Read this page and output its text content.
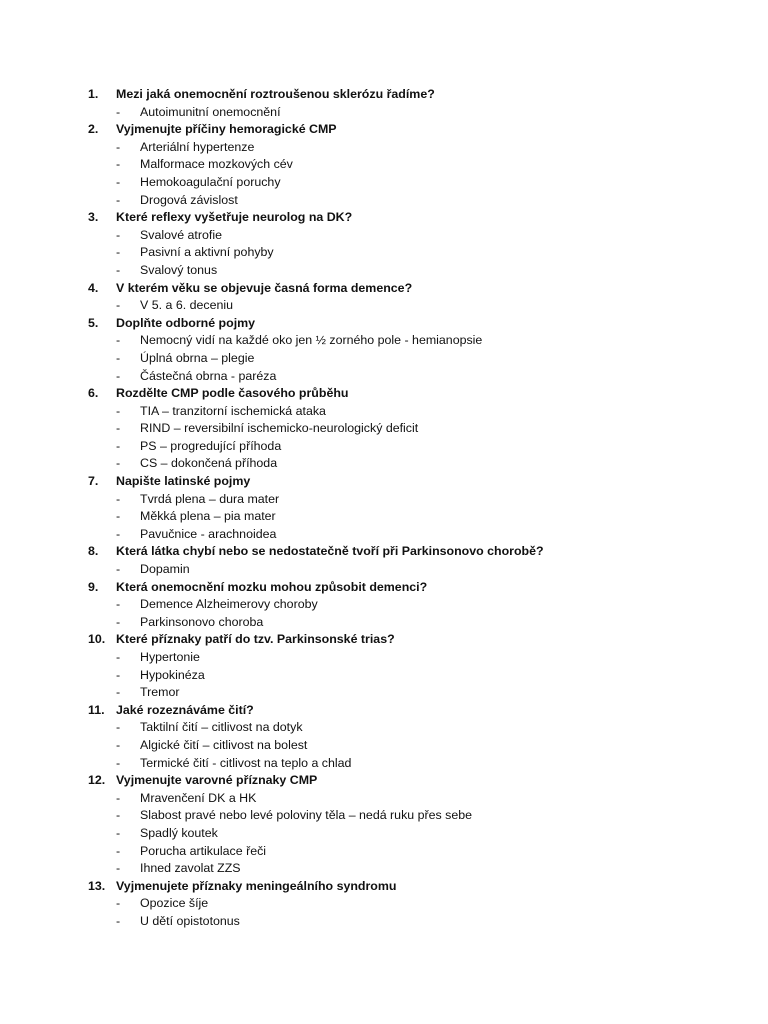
1.	Mezi jaká onemocnění roztroušenou sklerózu řadíme?
-	Autoimunitní onemocnění
2.	Vyjmenujte příčiny hemoragické CMP
-	Arteriální hypertenze
-	Malformace mozkových cév
-	Hemokoagulační poruchy
-	Drogová závislost
3.	Které reflexy vyšetřuje neurolog na DK?
-	Svalové atrofie
-	Pasivní a aktivní pohyby
-	Svalový tonus
4.	V kterém věku se objevuje časná forma demence?
-	V 5. a 6. deceniu
5.	Doplňte odborné pojmy
-	Nemocný vidí na každé oko jen ½ zorného pole - hemianopsie
-	Úplná obrna – plegie
-	Částečná obrna - paréza
6.	Rozdělte CMP podle časového průběhu
-	TIA – tranzitorní ischemická ataka
-	RIND – reversibilní ischemicko-neurologický deficit
-	PS – progredující příhoda
-	CS – dokončená příhoda
7.	Napište latinské pojmy
-	Tvrdá plena – dura mater
-	Měkká plena – pia mater
-	Pavučnice - arachnoidea
8.	Která látka chybí nebo se nedostatečně tvoří při Parkinsonovo chorobě?
-	Dopamin
9.	Která onemocnění mozku mohou způsobit demenci?
-	Demence Alzheimerovy choroby
-	Parkinsonovo choroba
10. Které příznaky patří do tzv. Parkinsonské trias?
-	Hypertonie
-	Hypokinéza
-	Tremor
11. Jaké rozeznáváme čití?
-	Taktilní čití – citlivost na dotyk
-	Algické čití – citlivost na bolest
-	Termické čití - citlivost na teplo a chlad
12. Vyjmenujte varovné příznaky CMP
-	Mravenčení DK a HK
-	Slabost pravé nebo levé poloviny těla – nedá ruku přes sebe
-	Spadlý koutek
-	Porucha artikulace řeči
-	Ihned zavolat ZZS
13. Vyjmenujete příznaky meningeálního syndromu
-	Opozice šíje
-	U dětí opistotonus
